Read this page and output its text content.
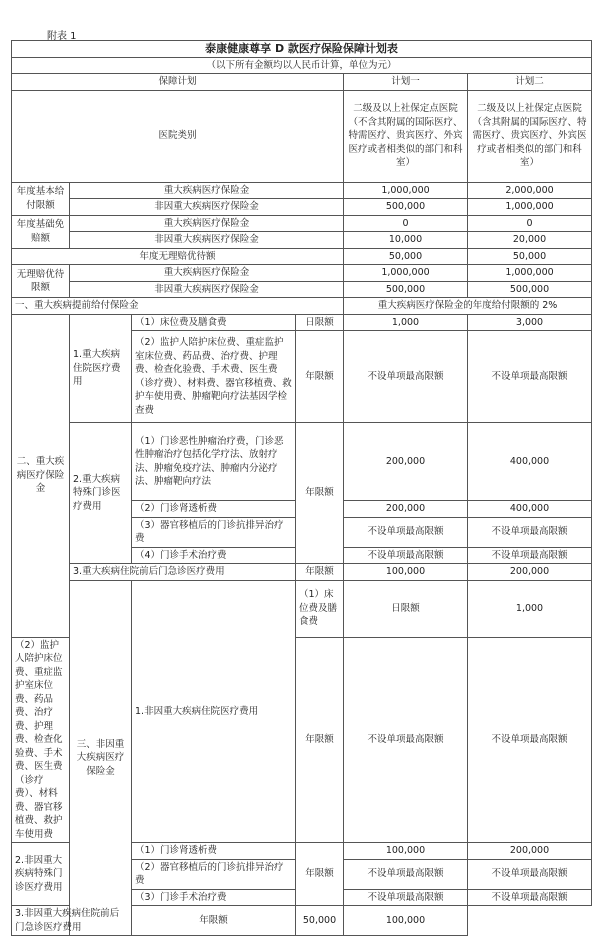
附表 1
泰康健康尊享 D 款医疗保险保障计划表						
（以下所有金额均以人民币计算，单位为元）						
保障计划				计划一	计划二	
医院类别				二级及以上社保定点医院（不含其附属的国际医疗、特需医疗、贵宾医疗、外宾医疗或者相类似的部门和科室）	二级及以上社保定点医院（含其附属的国际医疗、特需医疗、贵宾医疗、外宾医疗或者相类似的部门和科室）	
年度基本给付限额	重大疾病医疗保险金			1,000,000	2,000,000	
	非因重大疾病医疗保险金			500,000	1,000,000	
年度基础免赔额	重大疾病医疗保险金			0	0	
	非因重大疾病医疗保险金			10,000	20,000	
年度无理赔优待额				50,000	50,000	
无理赔优待限额	重大疾病医疗保险金			1,000,000	1,000,000	
	非因重大疾病医疗保险金			500,000	500,000	
一、重大疾病提前给付保险金				重大疾病医疗保险金的年度给付限额的 2%		
二、重大疾病医疗保险金	1.重大疾病住院医疗费用	（1）床位费及膳食费	日限额	1,000	3,000	
		（2）监护人陪护床位费、重症监护室床位费、药品费、治疗费、护理费、检查化验费、手术费、医生费（诊疗费）、材料费、器官移植费、救护车使用费、肿瘤靶向疗法基因学检查费	年限额	不设单项最高限额	不设单项最高限额	
	2.重大疾病特殊门诊医疗费用	（1）门诊恶性肿瘤治疗费，门诊恶性肿瘤治疗包括化学疗法、放射疗法、肿瘤免疫疗法、肿瘤内分泌疗法、肿瘤靶向疗法	年限额	200,000	400,000	
		（2）门诊肾透析费		200,000	400,000	
		（3）器官移植后的门诊抗排异治疗费		不设单项最高限额	不设单项最高限额	
		（4）门诊手术治疗费		不设单项最高限额	不设单项最高限额	
	3.重大疾病住院前后门急诊医疗费用		年限额	100,000	200,000	
	三、非因重大疾病医疗保险金	1.非因重大疾病住院医疗费用	（1）床位费及膳食费	日限额	1,000	
（2）监护人陪护床位费、重症监护室床位费、药品费、治疗费、护理费、检查化验费、手术费、医生费（诊疗费）、材料费、器官移植费、救护车使用费			年限额	不设单项最高限额	不设单项最高限额	
2.非因重大疾病特殊门诊医疗费用		（1）门诊肾透析费	年限额	100,000	200,000	
		（2）器官移植后的门诊抗排异治疗费		不设单项最高限额	不设单项最高限额	
		（3）门诊手术治疗费		不设单项最高限额	不设单项最高限额	
3.非因重大疾病住院前后门急诊医疗费用		年限额	50,000	100,000		
